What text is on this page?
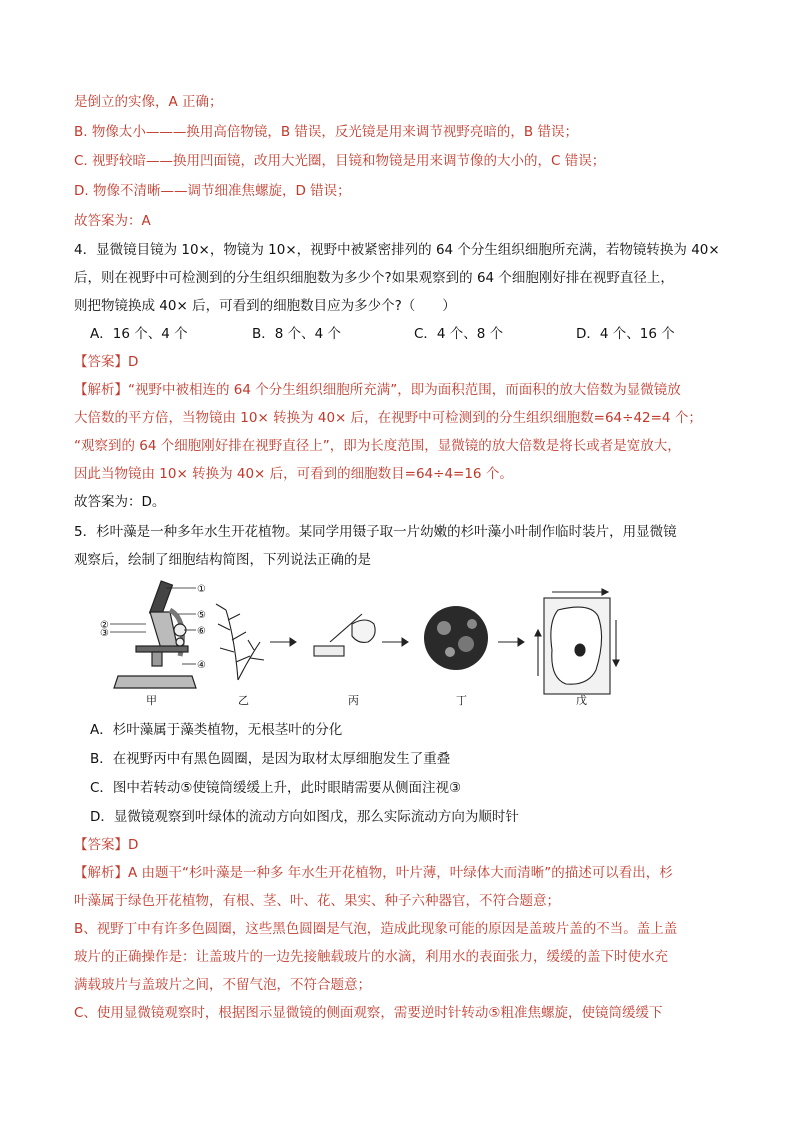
是倒立的实像，A 正确；
B. 物像太小———换用高倍物镜，B 错误，反光镜是用来调节视野亮暗的，B 错误；
C. 视野较暗——换用凹面镜，改用大光圈，目镜和物镜是用来调节像的大小的，C 错误；
D. 物像不清晰——调节细准焦螺旋，D 错误；
故答案为：A
4．显微镜目镜为 10×，物镜为 10×，视野中被紧密排列的 64 个分生组织细胞所充满，若物镜转换为 40×
后，则在视野中可检测到的分生组织细胞数为多少个?如果观察到的 64 个细胞刚好排在视野直径上，
则把物镜换成 40× 后，可看到的细胞数目应为多少个?（　　）
A．16 个、4 个	B．8 个、4 个	C．4 个、8 个	D．4 个、16 个
【答案】D
【解析】“视野中被相连的 64 个分生组织细胞所充满”，即为面积范围，而面积的放大倍数为显微镜放
大倍数的平方倍，当物镜由 10× 转换为 40× 后，在视野中可检测到的分生组织细胞数=64÷42=4 个；
“观察到的 64 个细胞刚好排在视野直径上”，即为长度范围，显微镜的放大倍数是将长或者是宽放大，
因此当物镜由 10× 转换为 40× 后，可看到的细胞数目=64÷4=16 个。
故答案为：D。
5．杉叶藻是一种多年水生开花植物。某同学用镊子取一片幼嫩的杉叶藻小叶制作临时装片，用显微镜
观察后，绘制了细胞结构简图，下列说法正确的是
①
②
③
④
⑤
⑥
甲	乙	丙	丁	戊
A．杉叶藻属于藻类植物，无根茎叶的分化
B．在视野丙中有黑色圆圈，是因为取材太厚细胞发生了重叠
C．图中若转动⑤使镜筒缓缓上升，此时眼睛需要从侧面注视③
D．显微镜观察到叶绿体的流动方向如图戊，那么实际流动方向为顺时针
【答案】D
【解析】A 由题干“杉叶藻是一种多 年水生开花植物，叶片薄，叶绿体大而清晰”的描述可以看出，杉
叶藻属于绿色开花植物，有根、茎、叶、花、果实、种子六种器官，不符合题意；
B、视野丁中有许多色圆圈，这些黑色圆圈是气泡，造成此现象可能的原因是盖玻片盖的不当。盖上盖
玻片的正确操作是：让盖玻片的一边先接触载玻片的水滴，利用水的表面张力，缓缓的盖下时使水充
满载玻片与盖玻片之间，不留气泡，不符合题意；
C、使用显微镜观察时，根据图示显微镜的侧面观察，需要逆时针转动⑤粗准焦螺旋，使镜筒缓缓下
